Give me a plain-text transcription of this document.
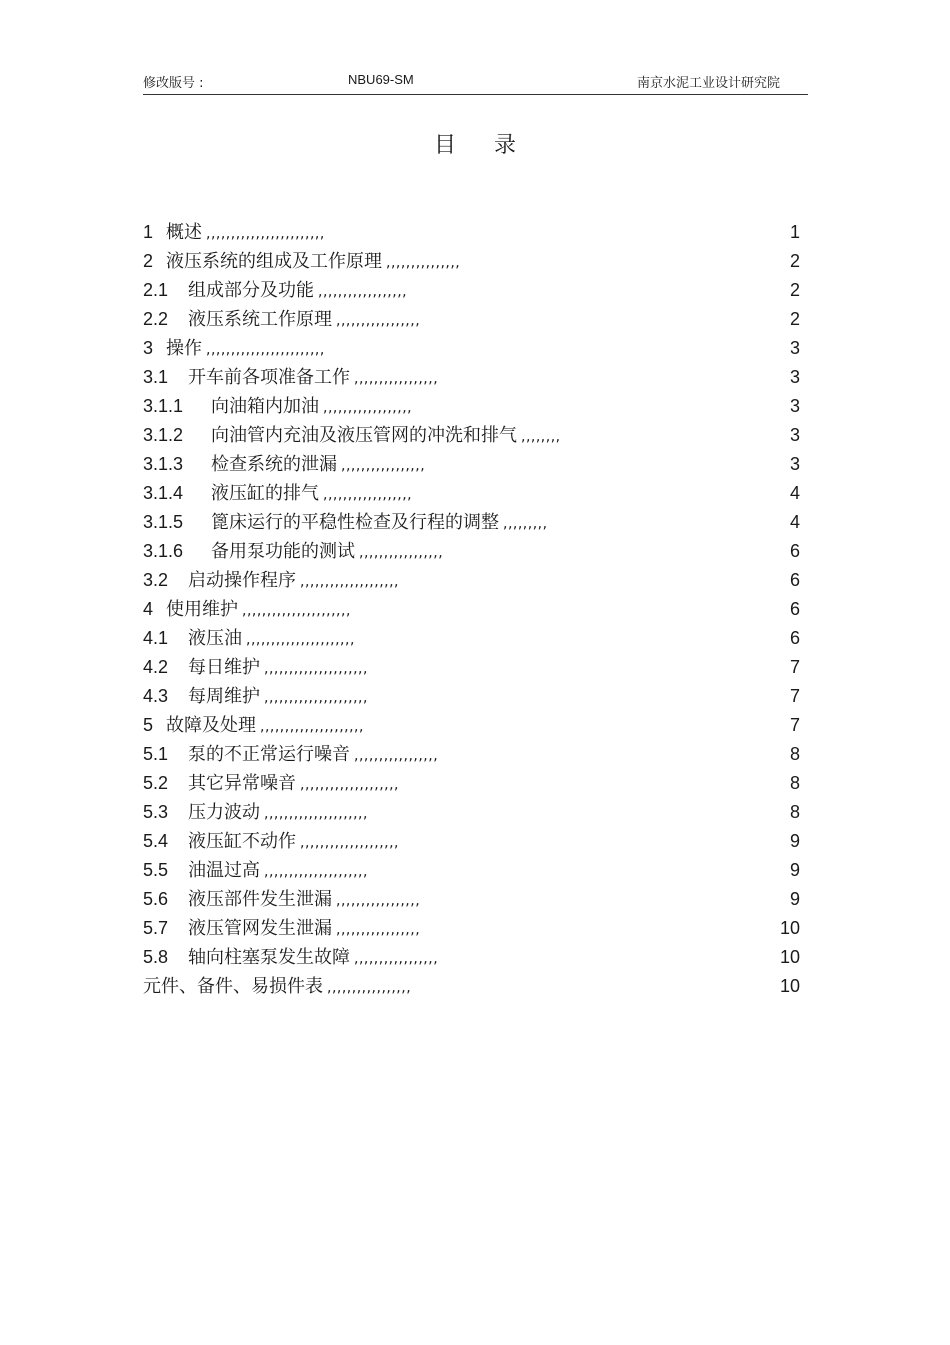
修改版号 :	NBU69-SM	南京水泥工业设计研究院
目录
1 概述 ,,,,,,,,,,,,,,,,,,,,,,,,	1
2 液压系统的组成及工作原理 ,,,,,,,,,,,,,,,	2
2.1 组成部分及功能 ,,,,,,,,,,,,,,,,,,	2
2.2 液压系统工作原理 ,,,,,,,,,,,,,,,,,	2
3 操作 ,,,,,,,,,,,,,,,,,,,,,,,,	3
3.1 开车前各项准备工作 ,,,,,,,,,,,,,,,,,	3
3.1.1 向油箱内加油 ,,,,,,,,,,,,,,,,,,	3
3.1.2 向油管内充油及液压管网的冲洗和排气 ,,,,,,,,	3
3.1.3 检查系统的泄漏 ,,,,,,,,,,,,,,,,,	3
3.1.4 液压缸的排气 ,,,,,,,,,,,,,,,,,,	4
3.1.5 篦床运行的平稳性检查及行程的调整 ,,,,,,,,,	4
3.1.6 备用泵功能的测试 ,,,,,,,,,,,,,,,,,	6
3.2 启动操作程序 ,,,,,,,,,,,,,,,,,,,,	6
4 使用维护 ,,,,,,,,,,,,,,,,,,,,,,	6
4.1 液压油 ,,,,,,,,,,,,,,,,,,,,,,	6
4.2 每日维护 ,,,,,,,,,,,,,,,,,,,,,	7
4.3 每周维护 ,,,,,,,,,,,,,,,,,,,,,	7
5 故障及处理 ,,,,,,,,,,,,,,,,,,,,,	7
5.1 泵的不正常运行噪音 ,,,,,,,,,,,,,,,,,	8
5.2 其它异常噪音 ,,,,,,,,,,,,,,,,,,,,	8
5.3 压力波动 ,,,,,,,,,,,,,,,,,,,,,	8
5.4 液压缸不动作 ,,,,,,,,,,,,,,,,,,,,	9
5.5 油温过高 ,,,,,,,,,,,,,,,,,,,,,	9
5.6 液压部件发生泄漏 ,,,,,,,,,,,,,,,,,	9
5.7 液压管网发生泄漏 ,,,,,,,,,,,,,,,,,	10
5.8 轴向柱塞泵发生故障 ,,,,,,,,,,,,,,,,,	10
元件、备件、易损件表 ,,,,,,,,,,,,,,,,,	10
